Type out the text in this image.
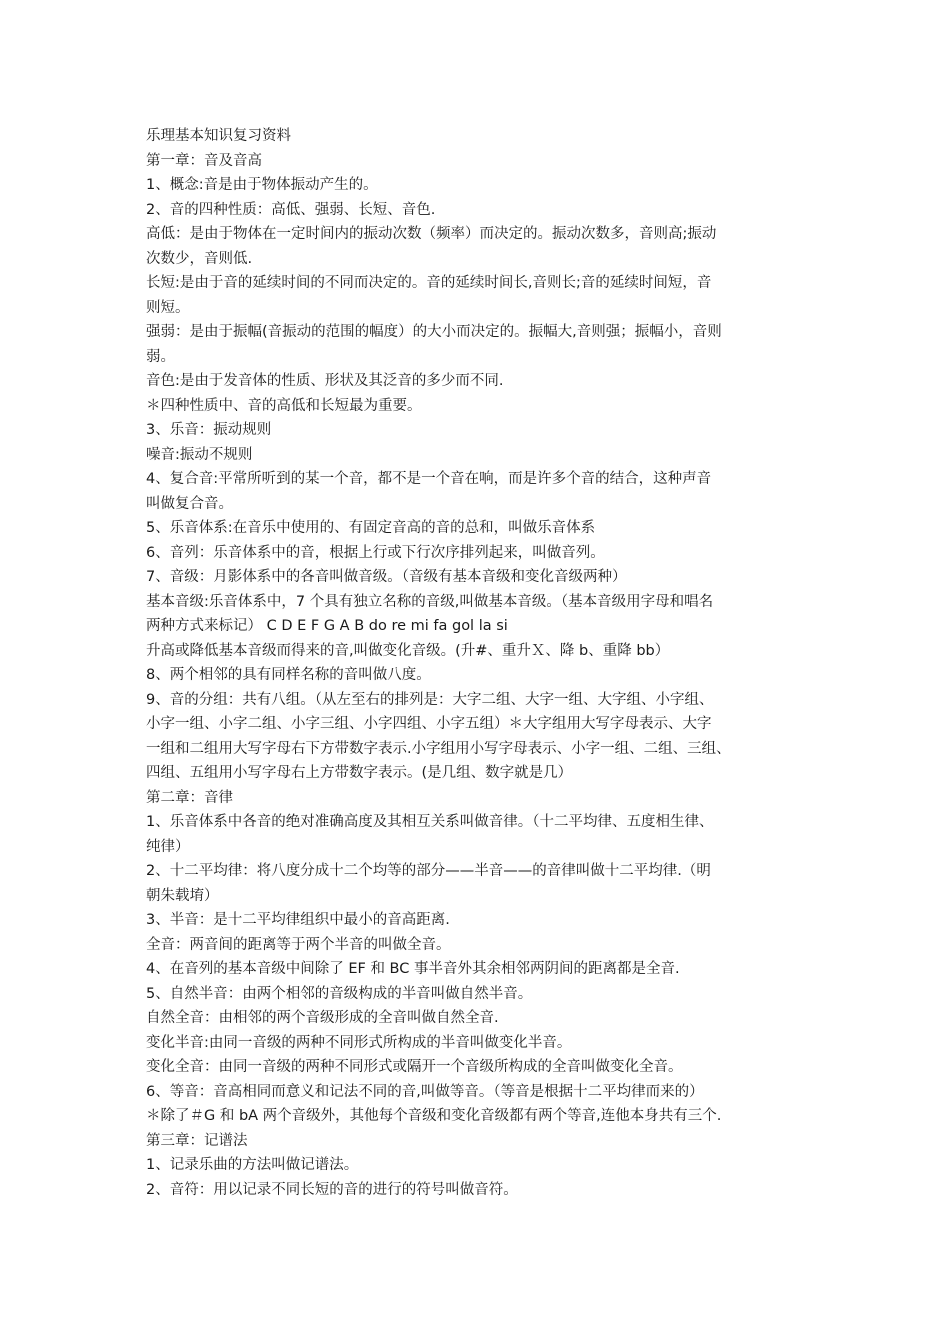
乐理基本知识复习资料
第一章：音及音高
1、概念:音是由于物体振动产生的。
2、音的四种性质：高低、强弱、长短、音色.
高低：是由于物体在一定时间内的振动次数（频率）而决定的。振动次数多，音则高;振动
次数少，音则低.
长短:是由于音的延续时间的不同而决定的。音的延续时间长,音则长;音的延续时间短，音
则短。
强弱：是由于振幅(音振动的范围的幅度）的大小而决定的。振幅大,音则强；振幅小，音则
弱。
音色:是由于发音体的性质、形状及其泛音的多少而不同.
＊四种性质中、音的高低和长短最为重要。
3、乐音：振动规则
噪音:振动不规则
4、复合音:平常所听到的某一个音，都不是一个音在响，而是许多个音的结合，这种声音
叫做复合音。
5、乐音体系:在音乐中使用的、有固定音高的音的总和，叫做乐音体系
6、音列：乐音体系中的音，根据上行或下行次序排列起来，叫做音列。
7、音级：月影体系中的各音叫做音级。（音级有基本音级和变化音级两种）
基本音级:乐音体系中，7 个具有独立名称的音级,叫做基本音级。（基本音级用字母和唱名
两种方式来标记） C D E F G A B do re mi fa gol la si
升高或降低基本音级而得来的音,叫做变化音级。(升#、重升Ｘ、降 b、重降 bb）
8、两个相邻的具有同样名称的音叫做八度。
9、音的分组：共有八组。（从左至右的排列是：大字二组、大字一组、大字组、小字组、
小字一组、小字二组、小字三组、小字四组、小字五组）＊大字组用大写字母表示、大字
一组和二组用大写字母右下方带数字表示.小字组用小写字母表示、小字一组、二组、三组、
四组、五组用小写字母右上方带数字表示。(是几组、数字就是几）
第二章：音律
1、乐音体系中各音的绝对准确高度及其相互关系叫做音律。（十二平均律、五度相生律、
纯律）
2、十二平均律：将八度分成十二个均等的部分——半音——的音律叫做十二平均律.（明
朝朱载堉）
3、半音：是十二平均律组织中最小的音高距离.
全音：两音间的距离等于两个半音的叫做全音。
4、在音列的基本音级中间除了 EF 和 BC 事半音外其余相邻两阴间的距离都是全音.
5、自然半音：由两个相邻的音级构成的半音叫做自然半音。
自然全音：由相邻的两个音级形成的全音叫做自然全音.
变化半音:由同一音级的两种不同形式所构成的半音叫做变化半音。
变化全音：由同一音级的两种不同形式或隔开一个音级所构成的全音叫做变化全音。
6、等音：音高相同而意义和记法不同的音,叫做等音。（等音是根据十二平均律而来的）
＊除了＃G 和 bA 两个音级外，其他每个音级和变化音级都有两个等音,连他本身共有三个.
第三章：记谱法
1、记录乐曲的方法叫做记谱法。
2、音符：用以记录不同长短的音的进行的符号叫做音符。
